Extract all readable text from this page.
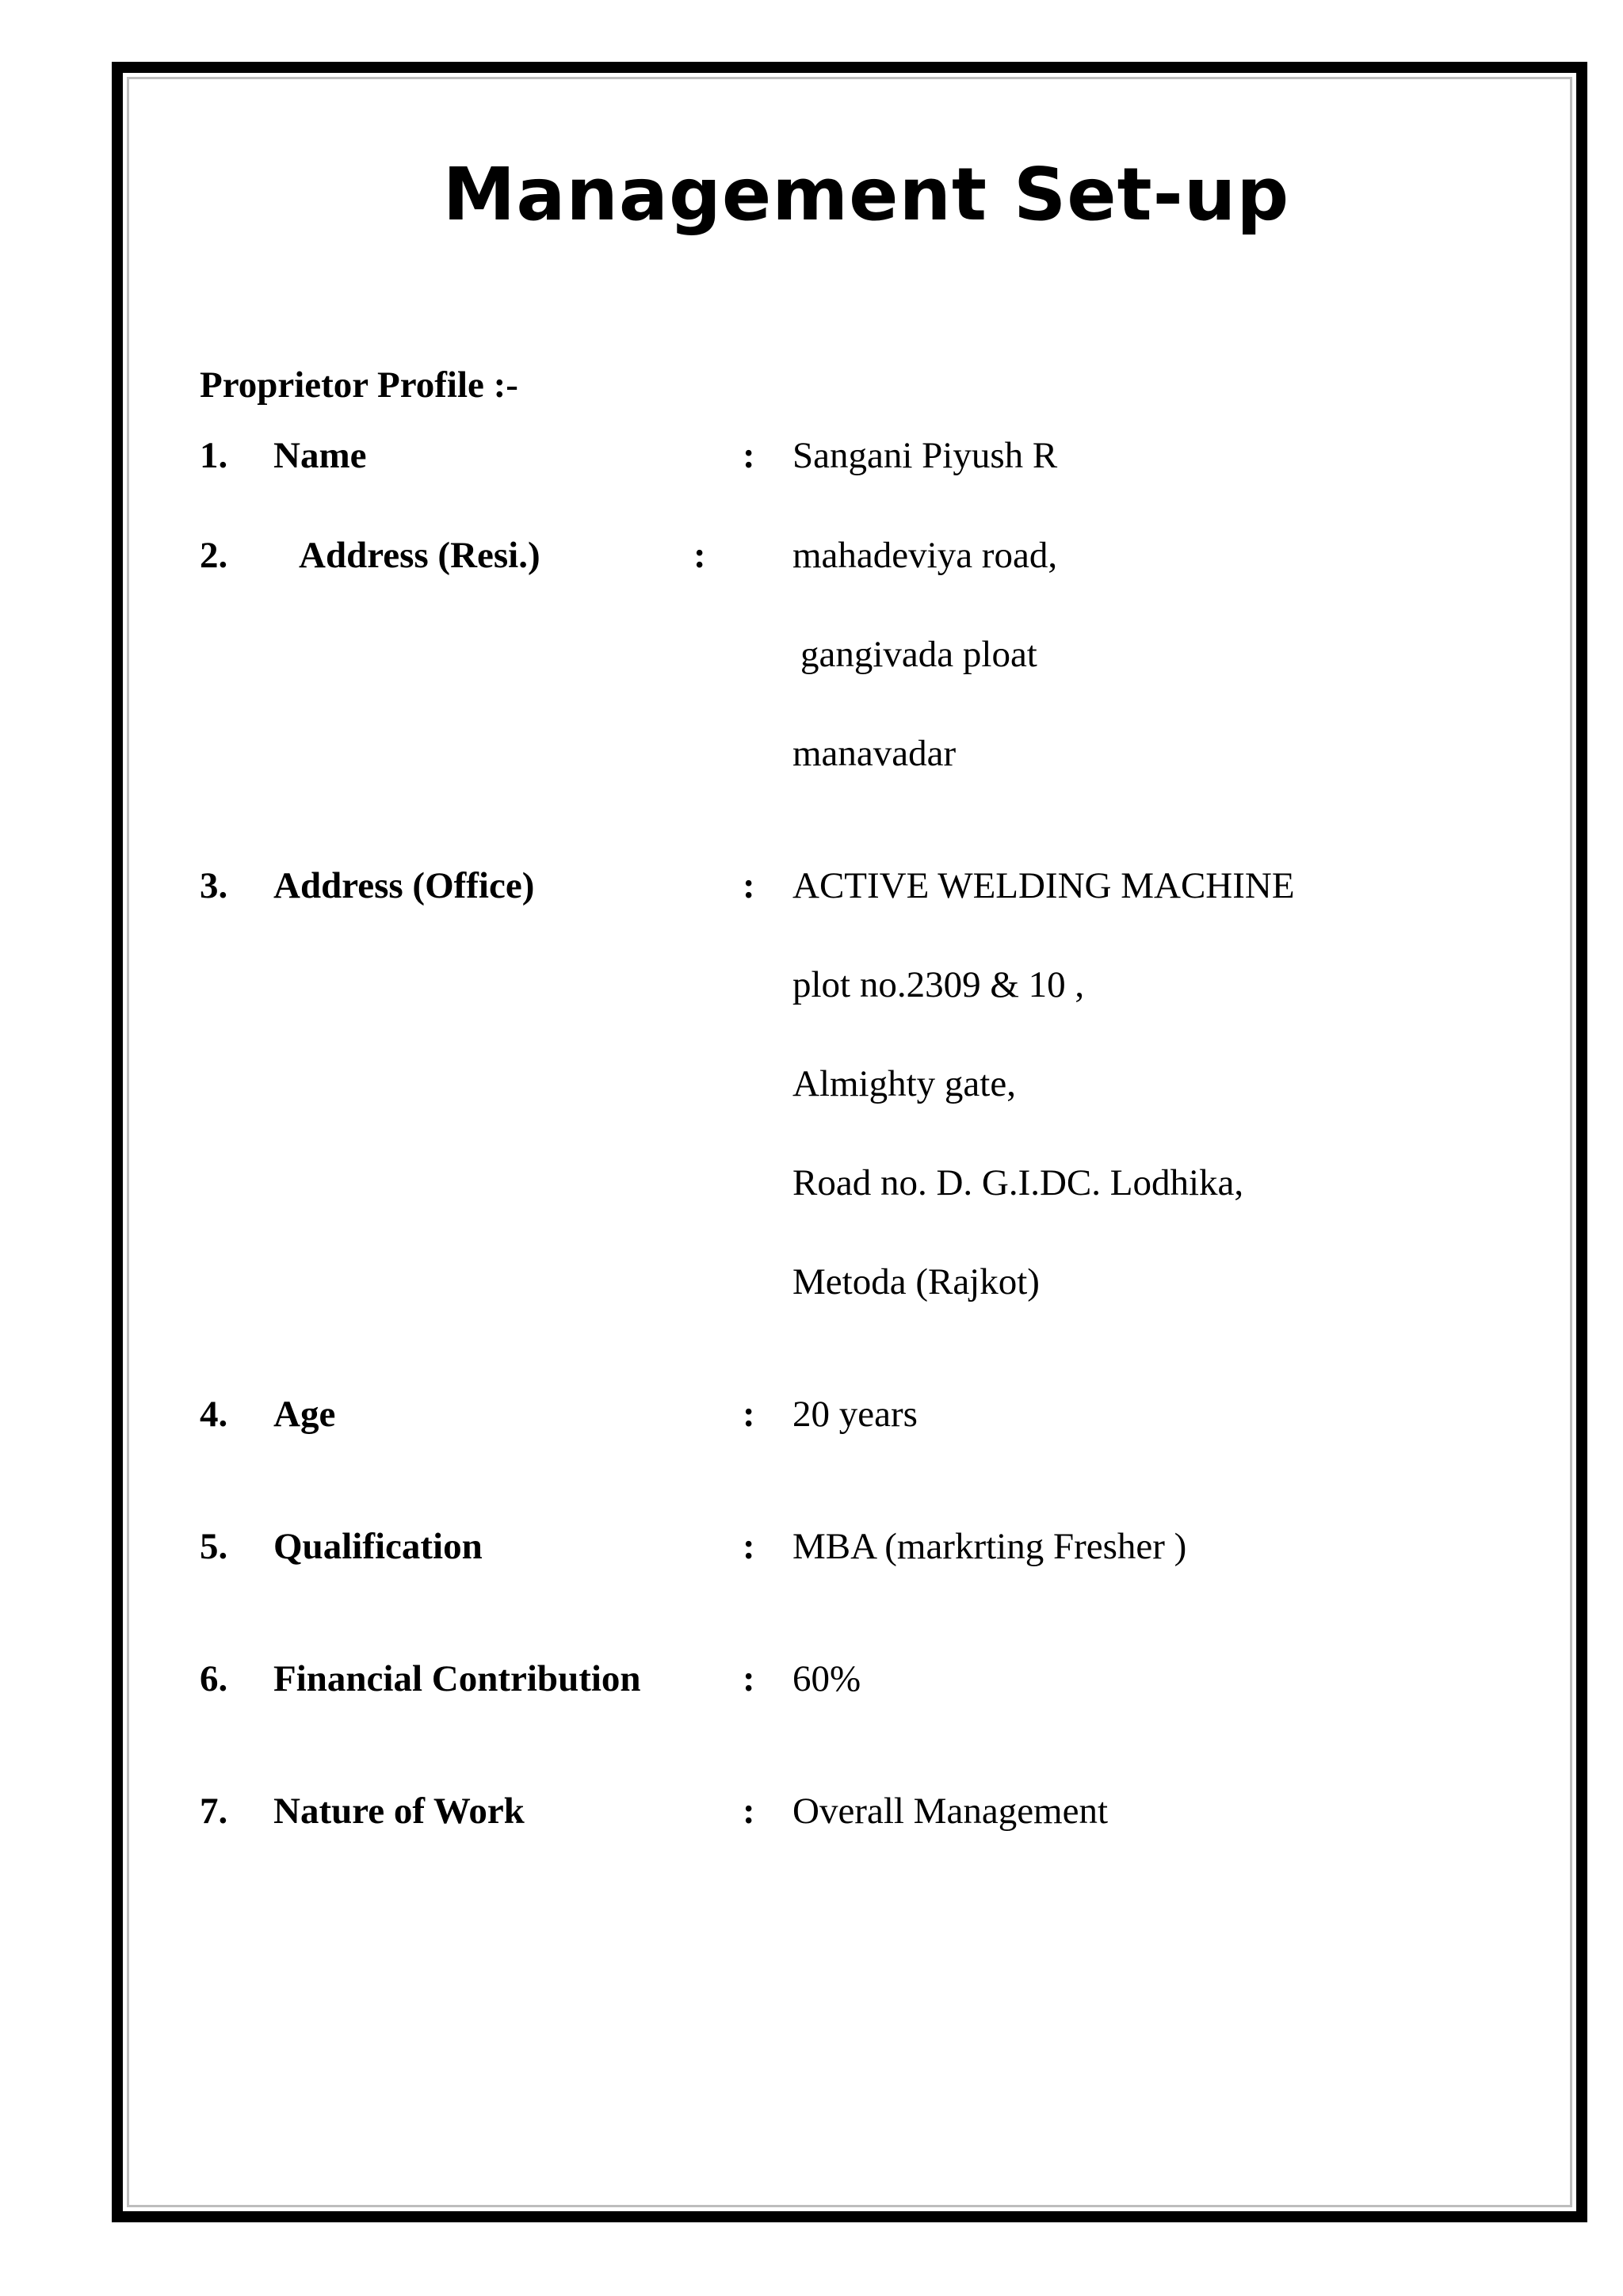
Management Set-up
Proprietor Profile :-
1. Name	: Sangani Piyush R
2. Address (Resi.)	: mahadeviya road,
gangivada ploat
manavadar
3. Address (Office)	: ACTIVE WELDING MACHINE
plot no.2309 & 10 ,
Almighty gate,
Road no. D. G.I.DC. Lodhika,
Metoda (Rajkot)
4. Age	: 20 years
5. Qualification	: MBA (markrting Fresher )
6. Financial Contribution	: 60%
7. Nature of Work	: Overall Management
